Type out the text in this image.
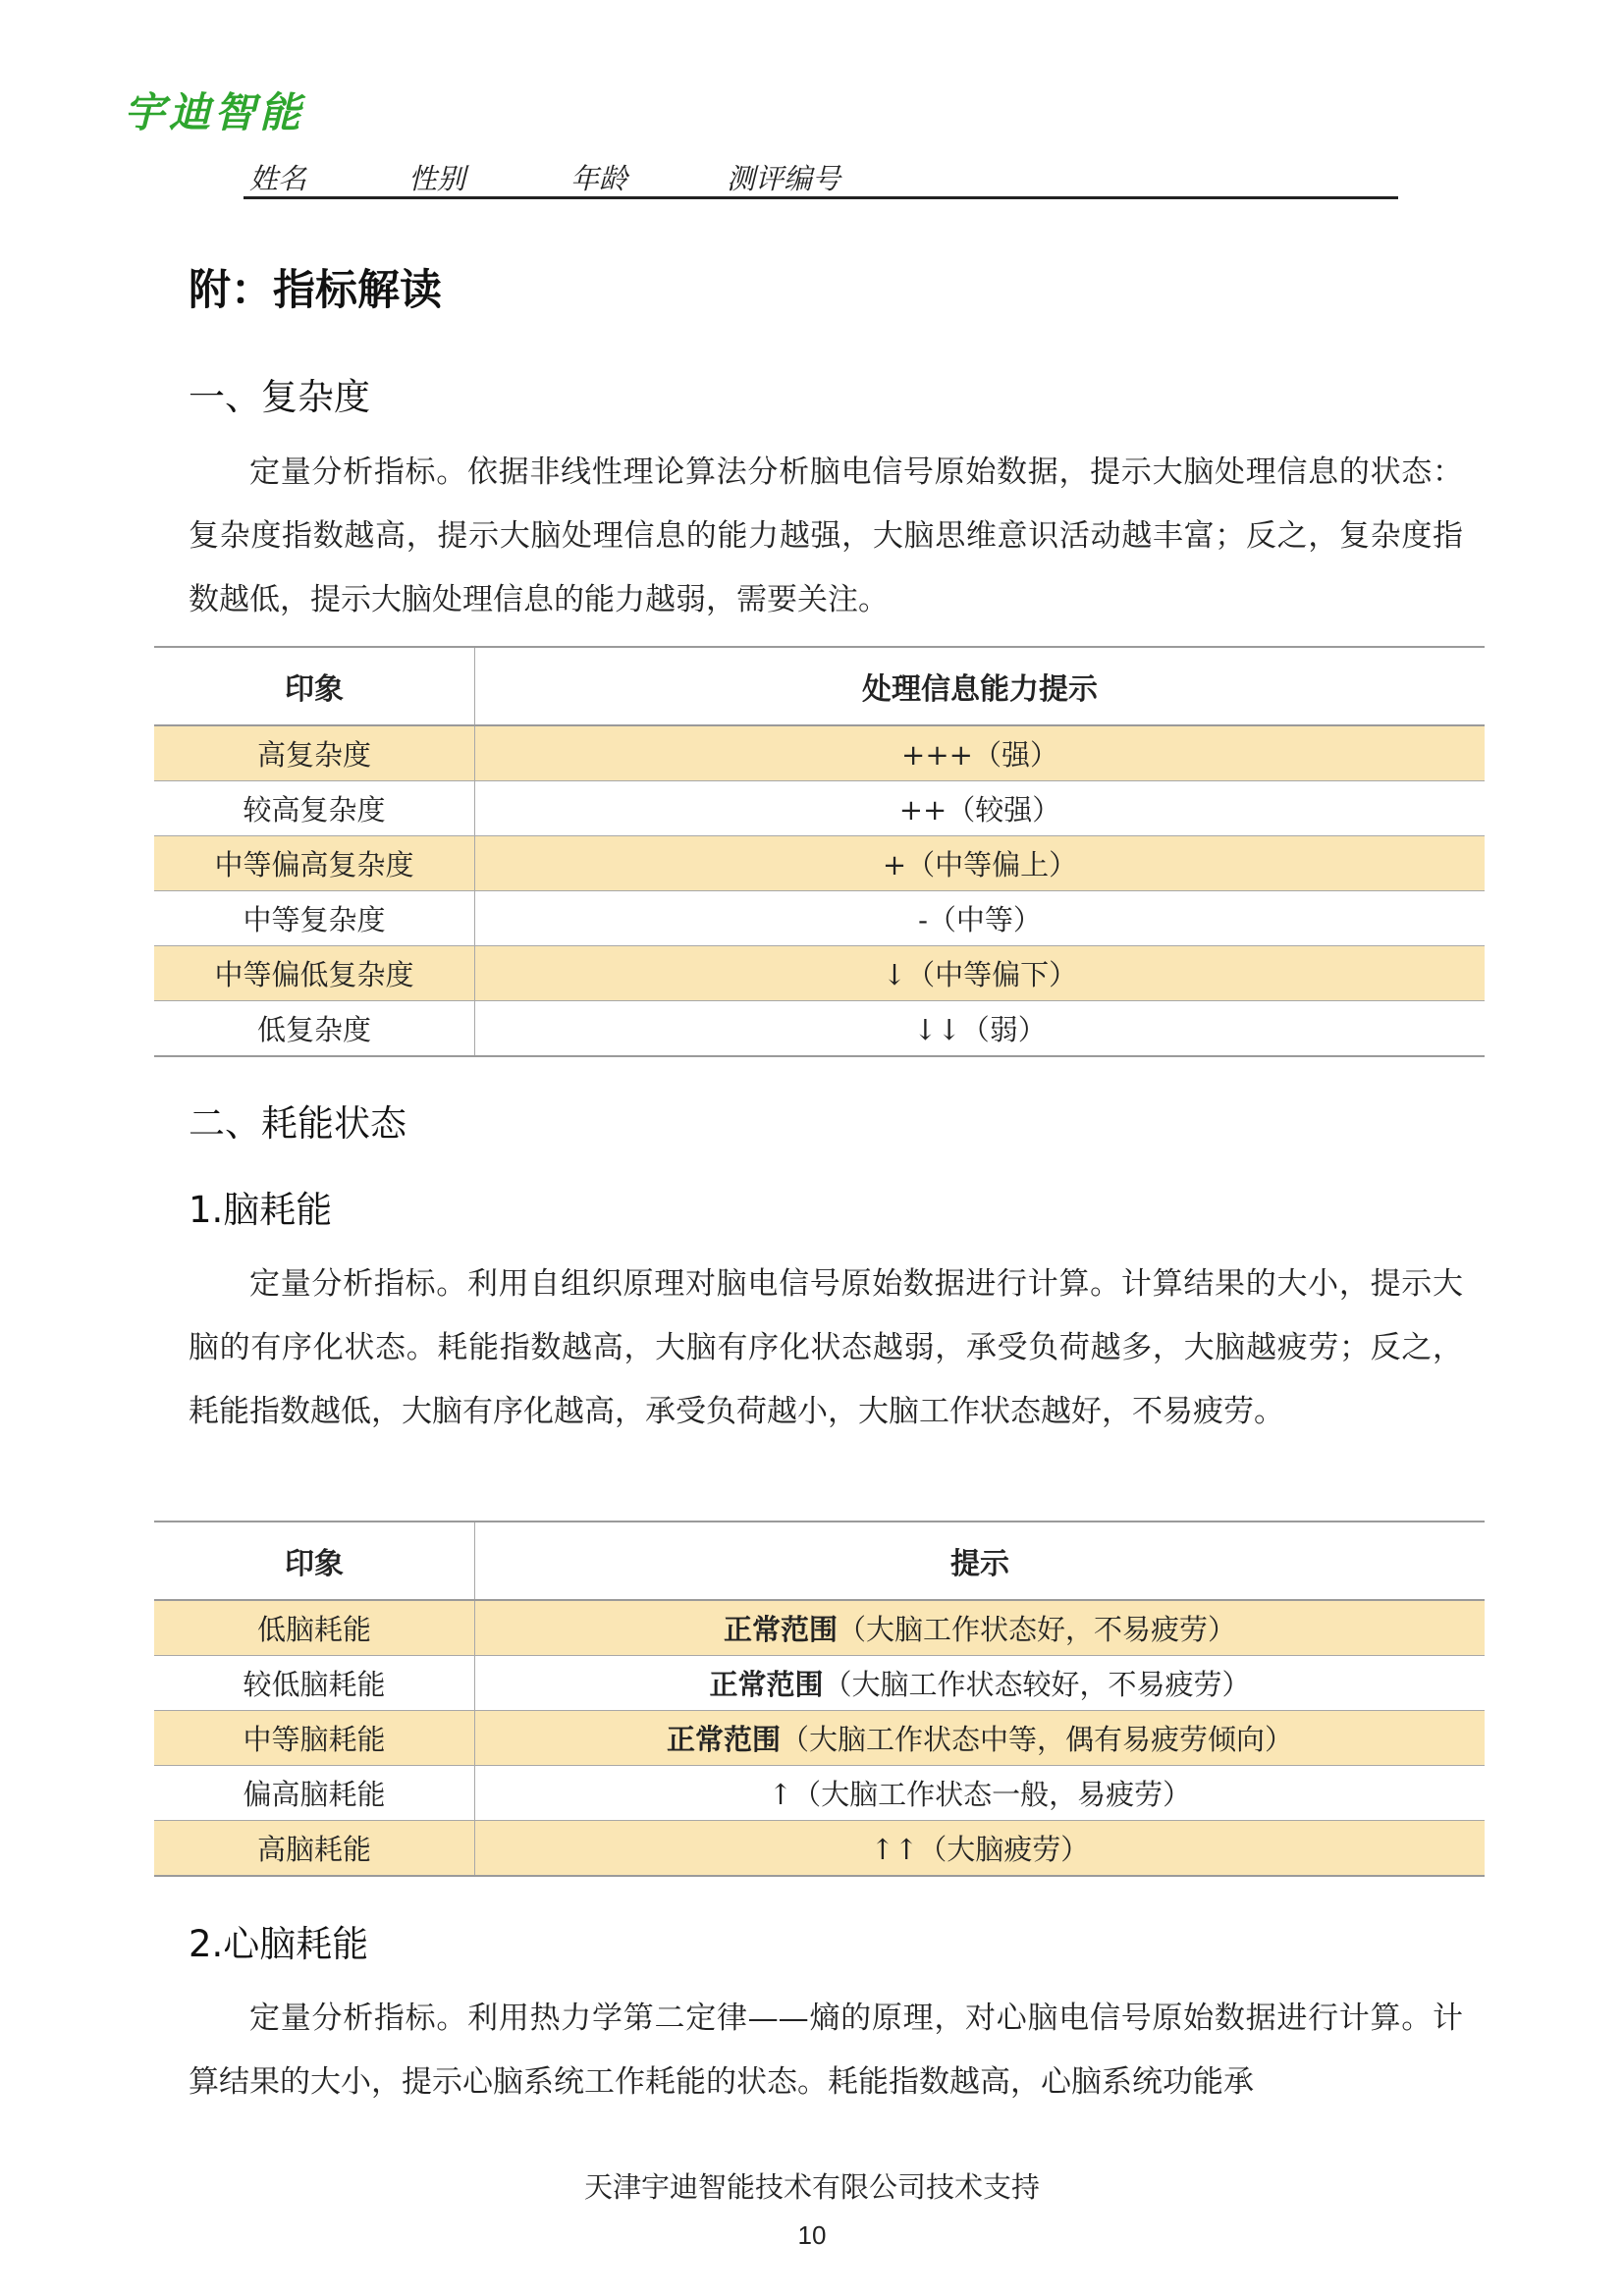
宇迪智能
姓名	性别	年龄	测评编号
附：指标解读
一、复杂度

定量分析指标。依据非线性理论算法分析脑电信号原始数据，提示大脑处理信息的状态：复杂度指数越高，提示大脑处理信息的能力越强，大脑思维意识活动越丰富；反之，复杂度指数越低，提示大脑处理信息的能力越弱，需要关注。

印象	处理信息能力提示
高复杂度	+++（强）
较高复杂度	++（较强）
中等偏高复杂度	+（中等偏上）
中等复杂度	-（中等）
中等偏低复杂度	↓（中等偏下）
低复杂度	↓↓（弱）
二、耗能状态
1.脑耗能

定量分析指标。利用自组织原理对脑电信号原始数据进行计算。计算结果的大小，提示大脑的有序化状态。耗能指数越高，大脑有序化状态越弱，承受负荷越多，大脑越疲劳；反之，耗能指数越低，大脑有序化越高，承受负荷越小，大脑工作状态越好，不易疲劳。

印象	提示
低脑耗能	正常范围（大脑工作状态好，不易疲劳）
较低脑耗能	正常范围（大脑工作状态较好，不易疲劳）
中等脑耗能	正常范围（大脑工作状态中等，偶有易疲劳倾向）
偏高脑耗能	↑（大脑工作状态一般，易疲劳）
高脑耗能	↑↑（大脑疲劳）
2.心脑耗能

定量分析指标。利用热力学第二定律——熵的原理，对心脑电信号原始数据进行计算。计算结果的大小，提示心脑系统工作耗能的状态。耗能指数越高，心脑系统功能承

天津宇迪智能技术有限公司技术支持
10
